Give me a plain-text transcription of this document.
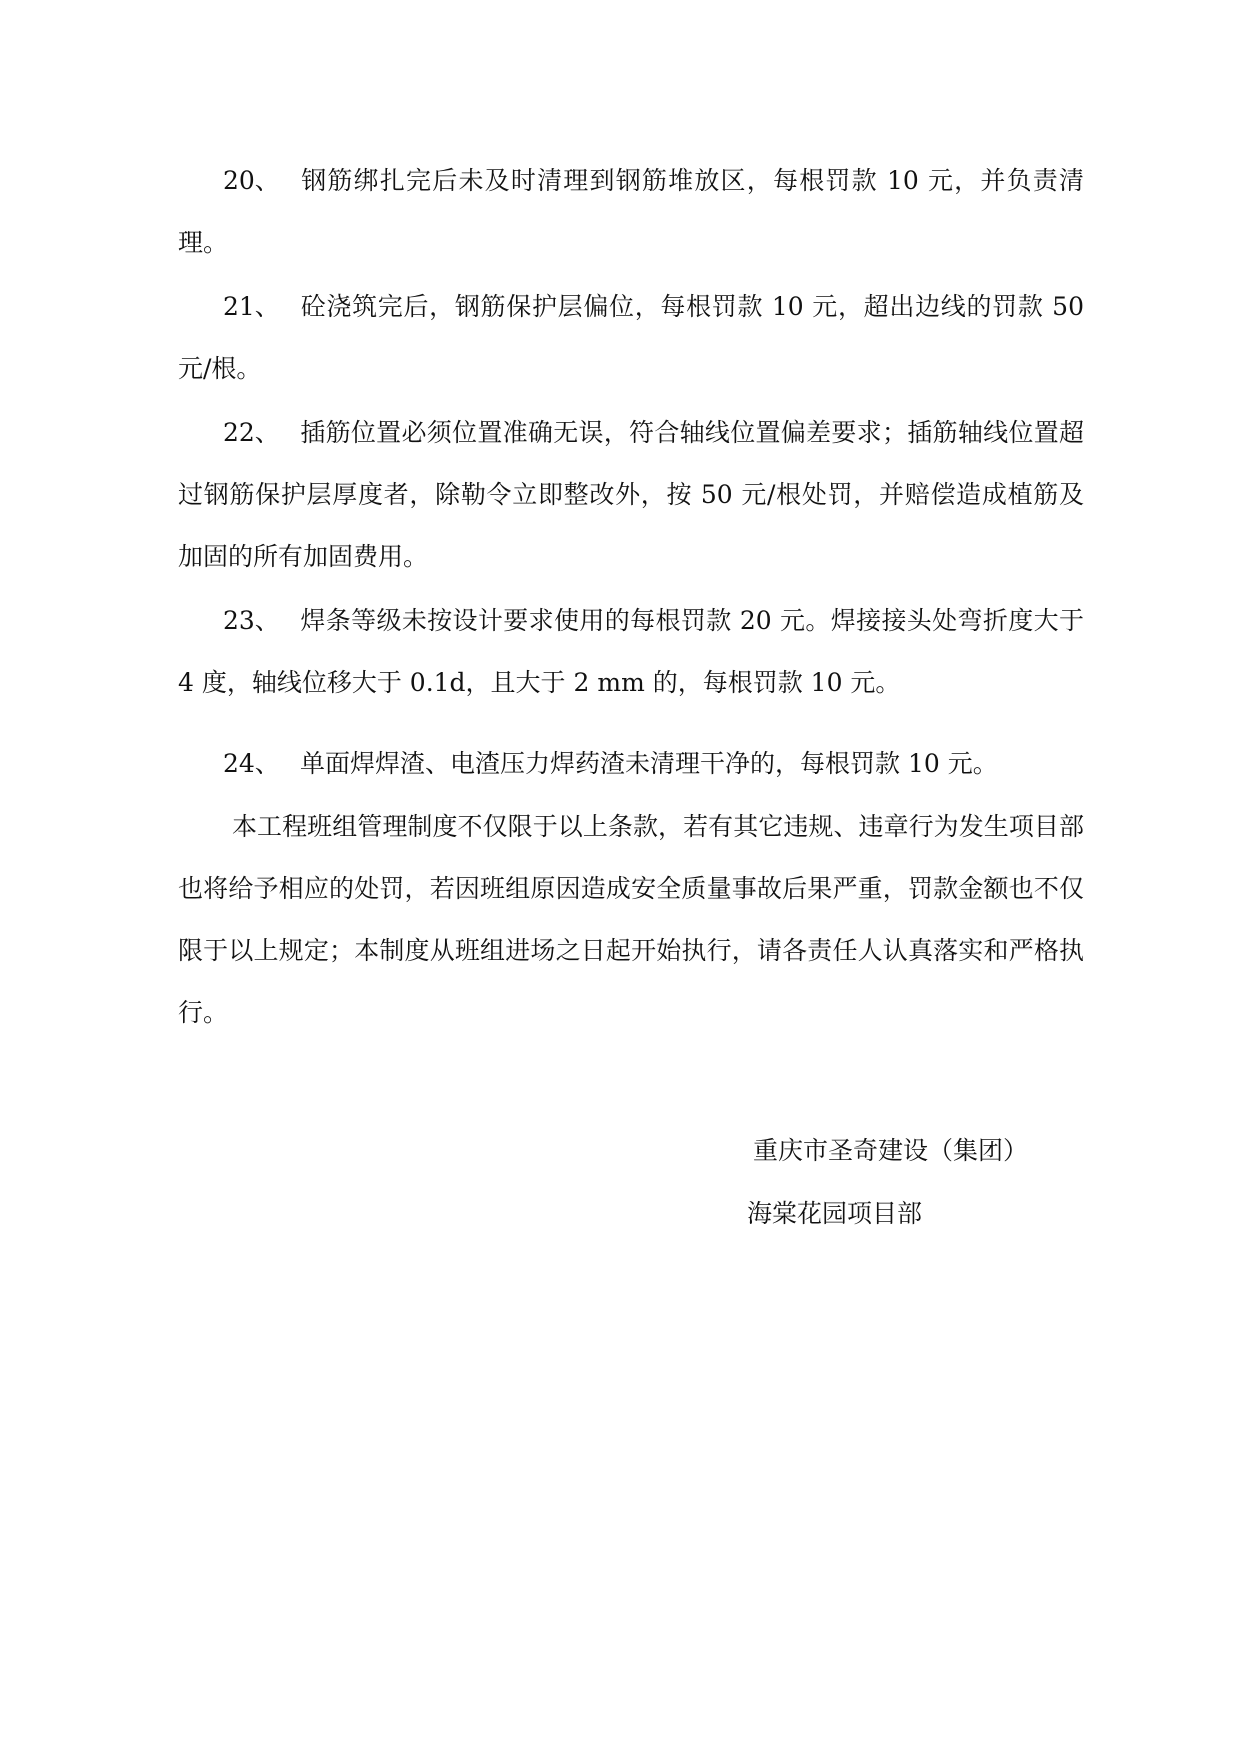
20、 钢筋绑扎完后未及时清理到钢筋堆放区，每根罚款 10 元，并负责清理。

21、 砼浇筑完后，钢筋保护层偏位，每根罚款 10 元，超出边线的罚款 50 元/根。

22、 插筋位置必须位置准确无误，符合轴线位置偏差要求；插筋轴线位置超过钢筋保护层厚度者，除勒令立即整改外，按 50 元/根处罚，并赔偿造成植筋及加固的所有加固费用。

23、 焊条等级未按设计要求使用的每根罚款 20 元。焊接接头处弯折度大于 4 度，轴线位移大于 0.1d，且大于 2 mm 的，每根罚款 10 元。

24、 单面焊焊渣、电渣压力焊药渣未清理干净的，每根罚款 10 元。

本工程班组管理制度不仅限于以上条款，若有其它违规、违章行为发生项目部也将给予相应的处罚，若因班组原因造成安全质量事故后果严重，罚款金额也不仅限于以上规定；本制度从班组进场之日起开始执行，请各责任人认真落实和严格执行。

重庆市圣奇建设（集团）

海棠花园项目部
